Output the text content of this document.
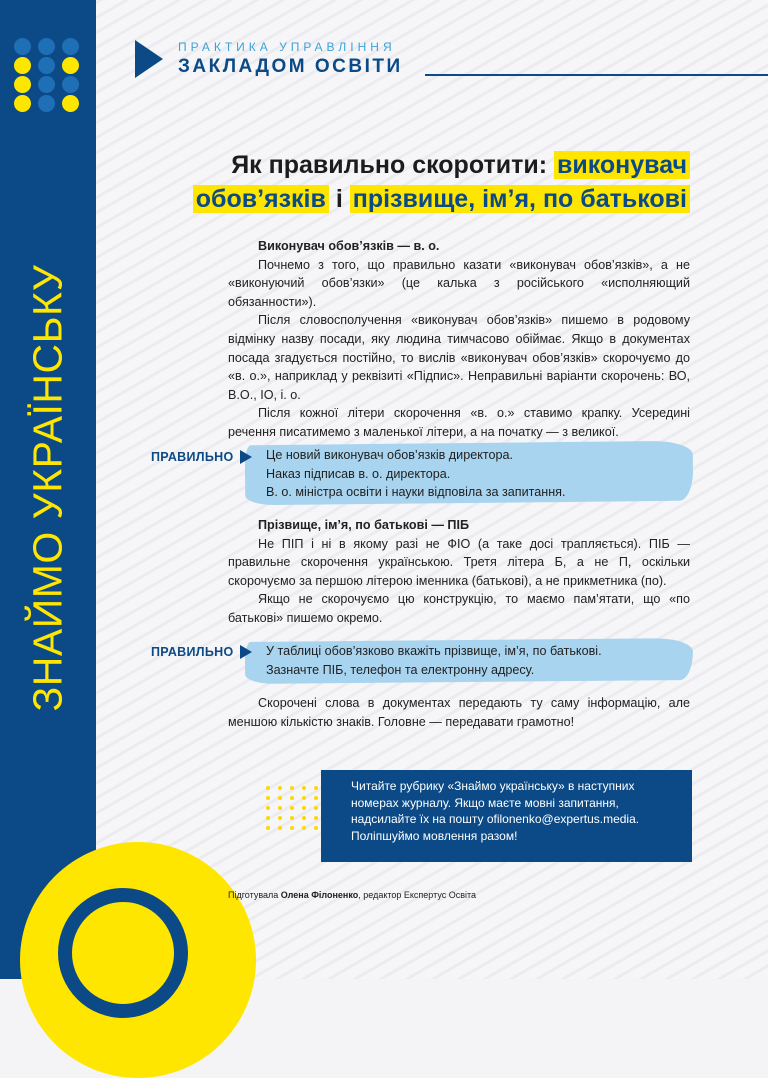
ЗНАЙМО УКРАЇНСЬКУ
ПРАКТИКА УПРАВЛІННЯ
ЗАКЛАДОМ ОСВІТИ
Як правильно скоротити: виконувач
обов’язків і прізвище, ім’я, по батькові

Виконувач обов’язків — в. о.

Почнемо з того, що правильно казати «виконувач обов’язків», а не «виконуючий обов’язки» (це калька з російського «исполняющий обязанности»).

Після словосполучення «виконувач обов’язків» пишемо в родовому відмінку назву посади, яку людина тимчасово обіймає. Якщо в документах посада згадується постійно, то вислів «виконувач обов’язків» скорочуємо до «в. о.», наприклад у реквізиті «Підпис». Неправильні варіанти скорочень: ВО, В.О., ІО, і. о.

Після кожної літери скорочення «в. о.» ставимо крапку. Усередині речення писатимемо з маленької літери, а на початку — з великої.

ПРАВИЛЬНО	Це новий виконувач обов’язків директора.
Наказ підписав в. о. директора.
В. о. міністра освіти і науки відповіла за запитання.

Прізвище, ім’я, по батькові — ПІБ

Не ПІП і ні в якому разі не ФІО (а таке досі трапляється). ПІБ — правильне скорочення українською. Третя літера Б, а не П, оскільки скорочуємо за першою літерою іменника (батькові), а не прикметника (по).

Якщо не скорочуємо цю конструкцію, то маємо пам’ятати, що «по батькові» пишемо окремо.

ПРАВИЛЬНО	У таблиці обов’язково вкажіть прізвище, ім’я, по батькові.
Зазначте ПІБ, телефон та електронну адресу.

Скорочені слова в документах передають ту саму інформацію, але меншою кількістю знаків. Головне — передавати грамотно!

Читайте рубрику «Знаймо українську» в наступних
номерах журналу. Якщо маєте мовні запитання,
надсилайте їх на пошту ofilonenko@expertus.media.
Поліпшуймо мовлення разом!
Підготувала Олена Філоненко, редактор Експертус Освіта
